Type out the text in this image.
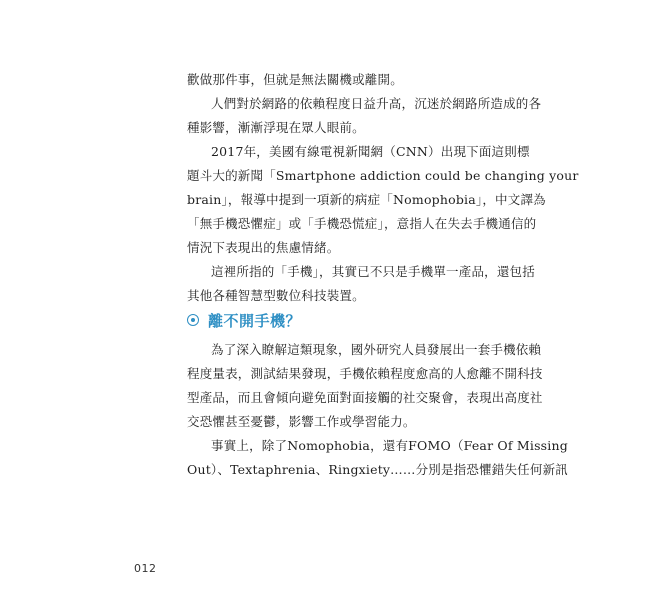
歡做那件事，但就是無法關機或離開。
人們對於網路的依賴程度日益升高，沉迷於網路所造成的各
種影響，漸漸浮現在眾人眼前。
2017年，美國有線電視新聞網（CNN）出現下面這則標
題斗大的新聞「Smartphone addiction could be changing your
brain」，報導中提到一項新的病症「Nomophobia」，中文譯為
「無手機恐懼症」或「手機恐慌症」，意指人在失去手機通信的
情況下表現出的焦慮情緒。
這裡所指的「手機」，其實已不只是手機單一產品，還包括
其他各種智慧型數位科技裝置。
離不開手機？
為了深入瞭解這類現象，國外研究人員發展出一套手機依賴
程度量表，測試結果發現，手機依賴程度愈高的人愈離不開科技
型產品，而且會傾向避免面對面接觸的社交聚會，表現出高度社
交恐懼甚至憂鬱，影響工作或學習能力。
事實上，除了Nomophobia，還有FOMO（Fear Of Missing
Out）、Textaphrenia、Ringxiety……分別是指恐懼錯失任何新訊
012
